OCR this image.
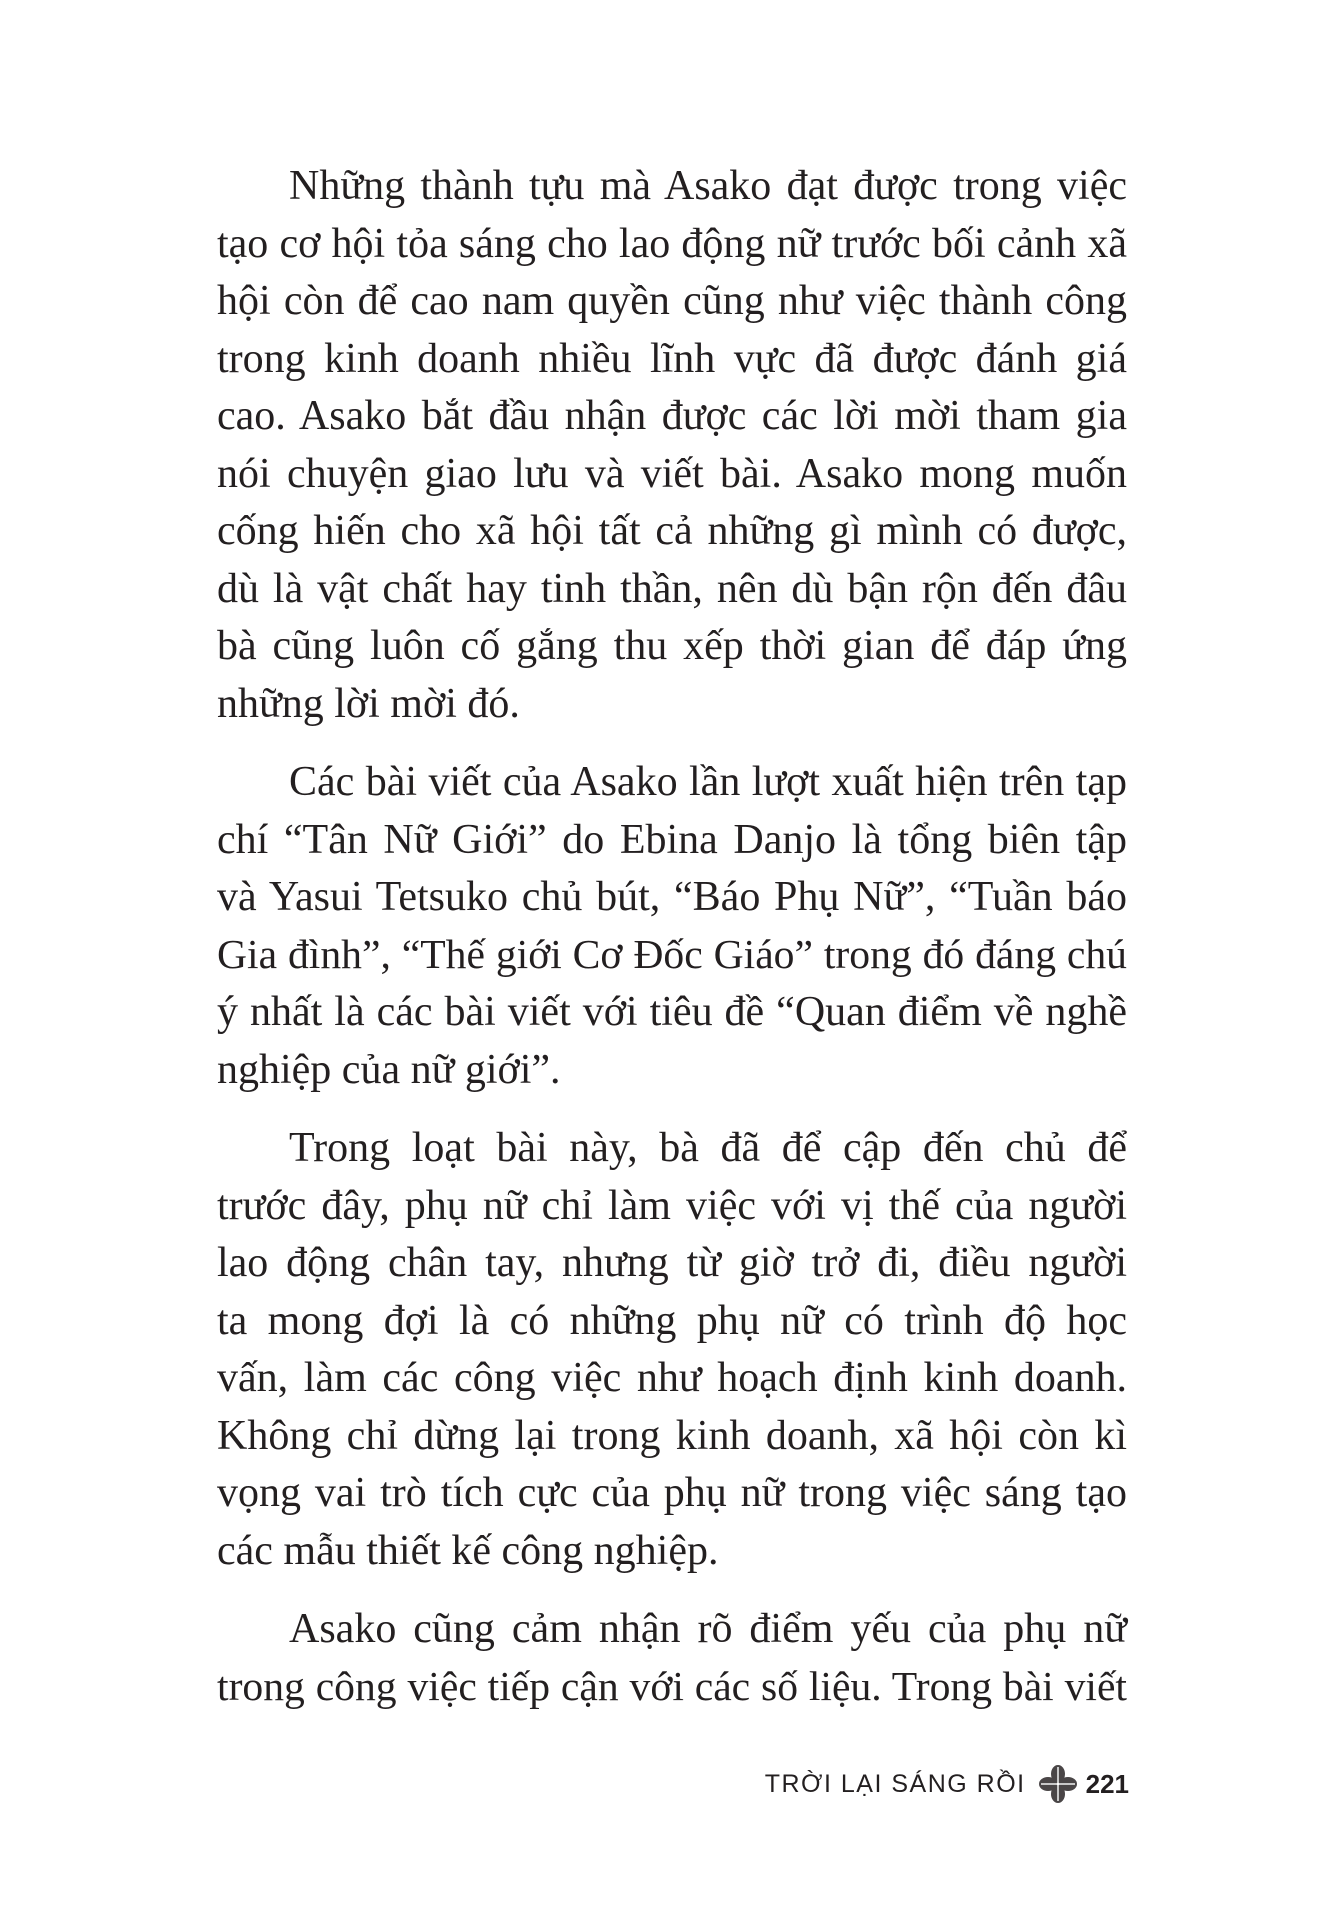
Những thành tựu mà Asako đạt được trong việc
tạo cơ hội tỏa sáng cho lao động nữ trước bối cảnh xã
hội còn để cao nam quyền cũng như việc thành công
trong kinh doanh nhiều lĩnh vực đã được đánh giá
cao. Asako bắt đầu nhận được các lời mời tham gia
nói chuyện giao lưu và viết bài. Asako mong muốn
cống hiến cho xã hội tất cả những gì mình có được,
dù là vật chất hay tinh thần, nên dù bận rộn đến đâu
bà cũng luôn cố gắng thu xếp thời gian để đáp ứng
những lời mời đó.
Các bài viết của Asako lần lượt xuất hiện trên tạp
chí “Tân Nữ Giới” do Ebina Danjo là tổng biên tập
và Yasui Tetsuko chủ bút, “Báo Phụ Nữ”, “Tuần báo
Gia đình”, “Thế giới Cơ Đốc Giáo” trong đó đáng chú
ý nhất là các bài viết với tiêu đề “Quan điểm về nghề
nghiệp của nữ giới”.
Trong loạt bài này, bà đã để cập đến chủ để
trước đây, phụ nữ chỉ làm việc với vị thế của người
lao động chân tay, nhưng từ giờ trở đi, điều người
ta mong đợi là có những phụ nữ có trình độ học
vấn, làm các công việc như hoạch định kinh doanh.
Không chỉ dừng lại trong kinh doanh, xã hội còn kì
vọng vai trò tích cực của phụ nữ trong việc sáng tạo
các mẫu thiết kế công nghiệp.
Asako cũng cảm nhận rõ điểm yếu của phụ nữ
trong công việc tiếp cận với các số liệu. Trong bài viết
TRỜI LẠI SÁNG RỒI 221
